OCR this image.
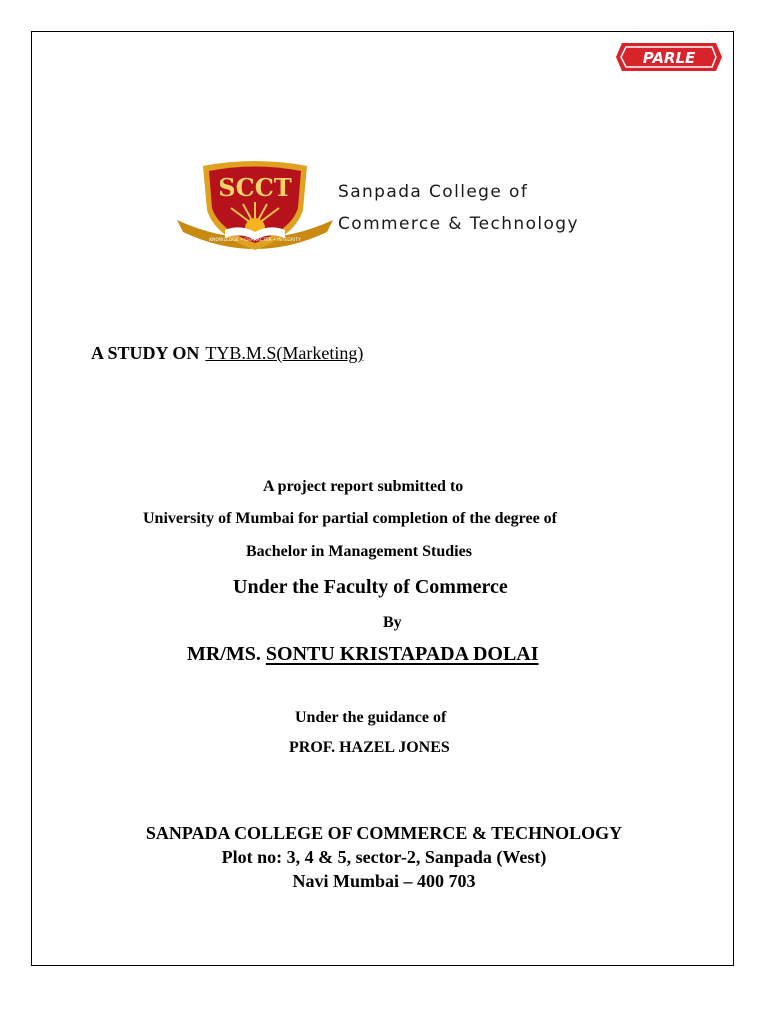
PARLE
SCCT
KNOWLEDGE • CHARACTER • INTEGRITY
Sanpada College of
Commerce & Technology
A STUDY ON TYB.M.S(Marketing)
A project report submitted to
University of Mumbai for partial completion of the degree of
Bachelor in Management Studies
Under the Faculty of Commerce
By
MR/MS. SONTU KRISTAPADA DOLAI
Under the guidance of
PROF. HAZEL JONES
SANPADA COLLEGE OF COMMERCE & TECHNOLOGY
Plot no: 3, 4 & 5, sector-2, Sanpada (West)
Navi Mumbai – 400 703
